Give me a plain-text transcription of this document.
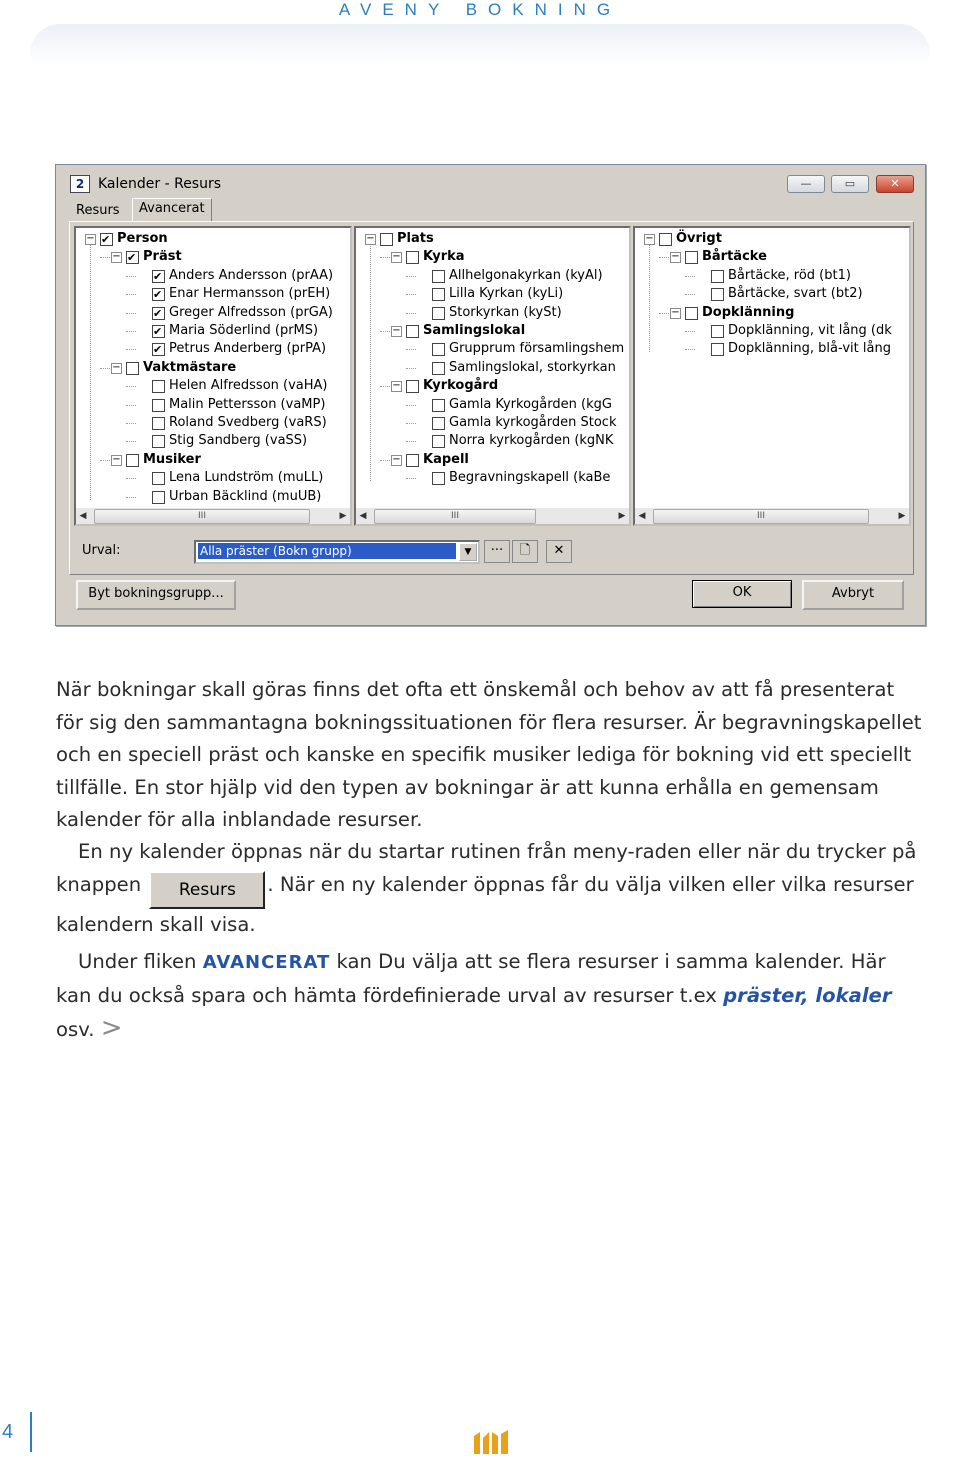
AVENY BOKNING
2 Kalender - Resurs	—	▭	✕
Resurs	Avancerat
− ✔ Person
− ✔ Präst
✔
Anders Andersson (prAA)
✔
Enar Hermansson (prEH)
✔
Greger Alfredsson (prGA)
✔
Maria Söderlind (prMS)
✔
Petrus Anderberg (prPA)
− Vaktmästare
Helen Alfredsson (vaHA)
Malin Pettersson (vaMP)
Roland Svedberg (vaRS)
Stig Sandberg (vaSS)
− Musiker
Lena Lundström (muLL)
Urban Bäcklind (muUB)
◀	III	▶
− Plats
− Kyrka
Allhelgonakyrkan (kyAl)
Lilla Kyrkan (kyLi)
Storkyrkan (kySt)
− Samlingslokal
Grupprum församlingshem
Samlingslokal, storkyrkan
− Kyrkogård
Gamla Kyrkogården (kgG
Gamla kyrkogården Stock
Norra kyrkogården (kgNK
− Kapell
Begravningskapell (kaBe
◀	III	▶
− Övrigt
− Bårtäcke
Bårtäcke, röd (bt1)
Bårtäcke, svart (bt2)
− Dopklänning
Dopklänning, vit lång (dk
Dopklänning, blå-vit lång
◀	III	▶
Urval:	Alla präster (Bokn grupp)	▼	···	🗋	✕
Byt bokningsgrupp...	OK	Avbryt
När bokningar skall göras finns det ofta ett önskemål och behov av att få presenterat för sig den sammantagna bokningssituationen för flera resurser. Är begravningskapellet och en speciell präst och kanske en specifik musiker lediga för bokning vid ett speciellt tillfälle. En stor hjälp vid den typen av bokningar är att kunna erhålla en gemensam kalender för alla inblandade resurser.
En ny kalender öppnas när du startar rutinen från meny-raden eller när du trycker på knappen Resurs . När en ny kalender öppnas får du välja vilken eller vilka resurser kalendern skall visa.
Under fliken AVANCERAT kan Du välja att se flera resurser i samma kalender. Här kan du också spara och hämta fördefinierade urval av resurser t.ex präster, lokaler osv. >
4
